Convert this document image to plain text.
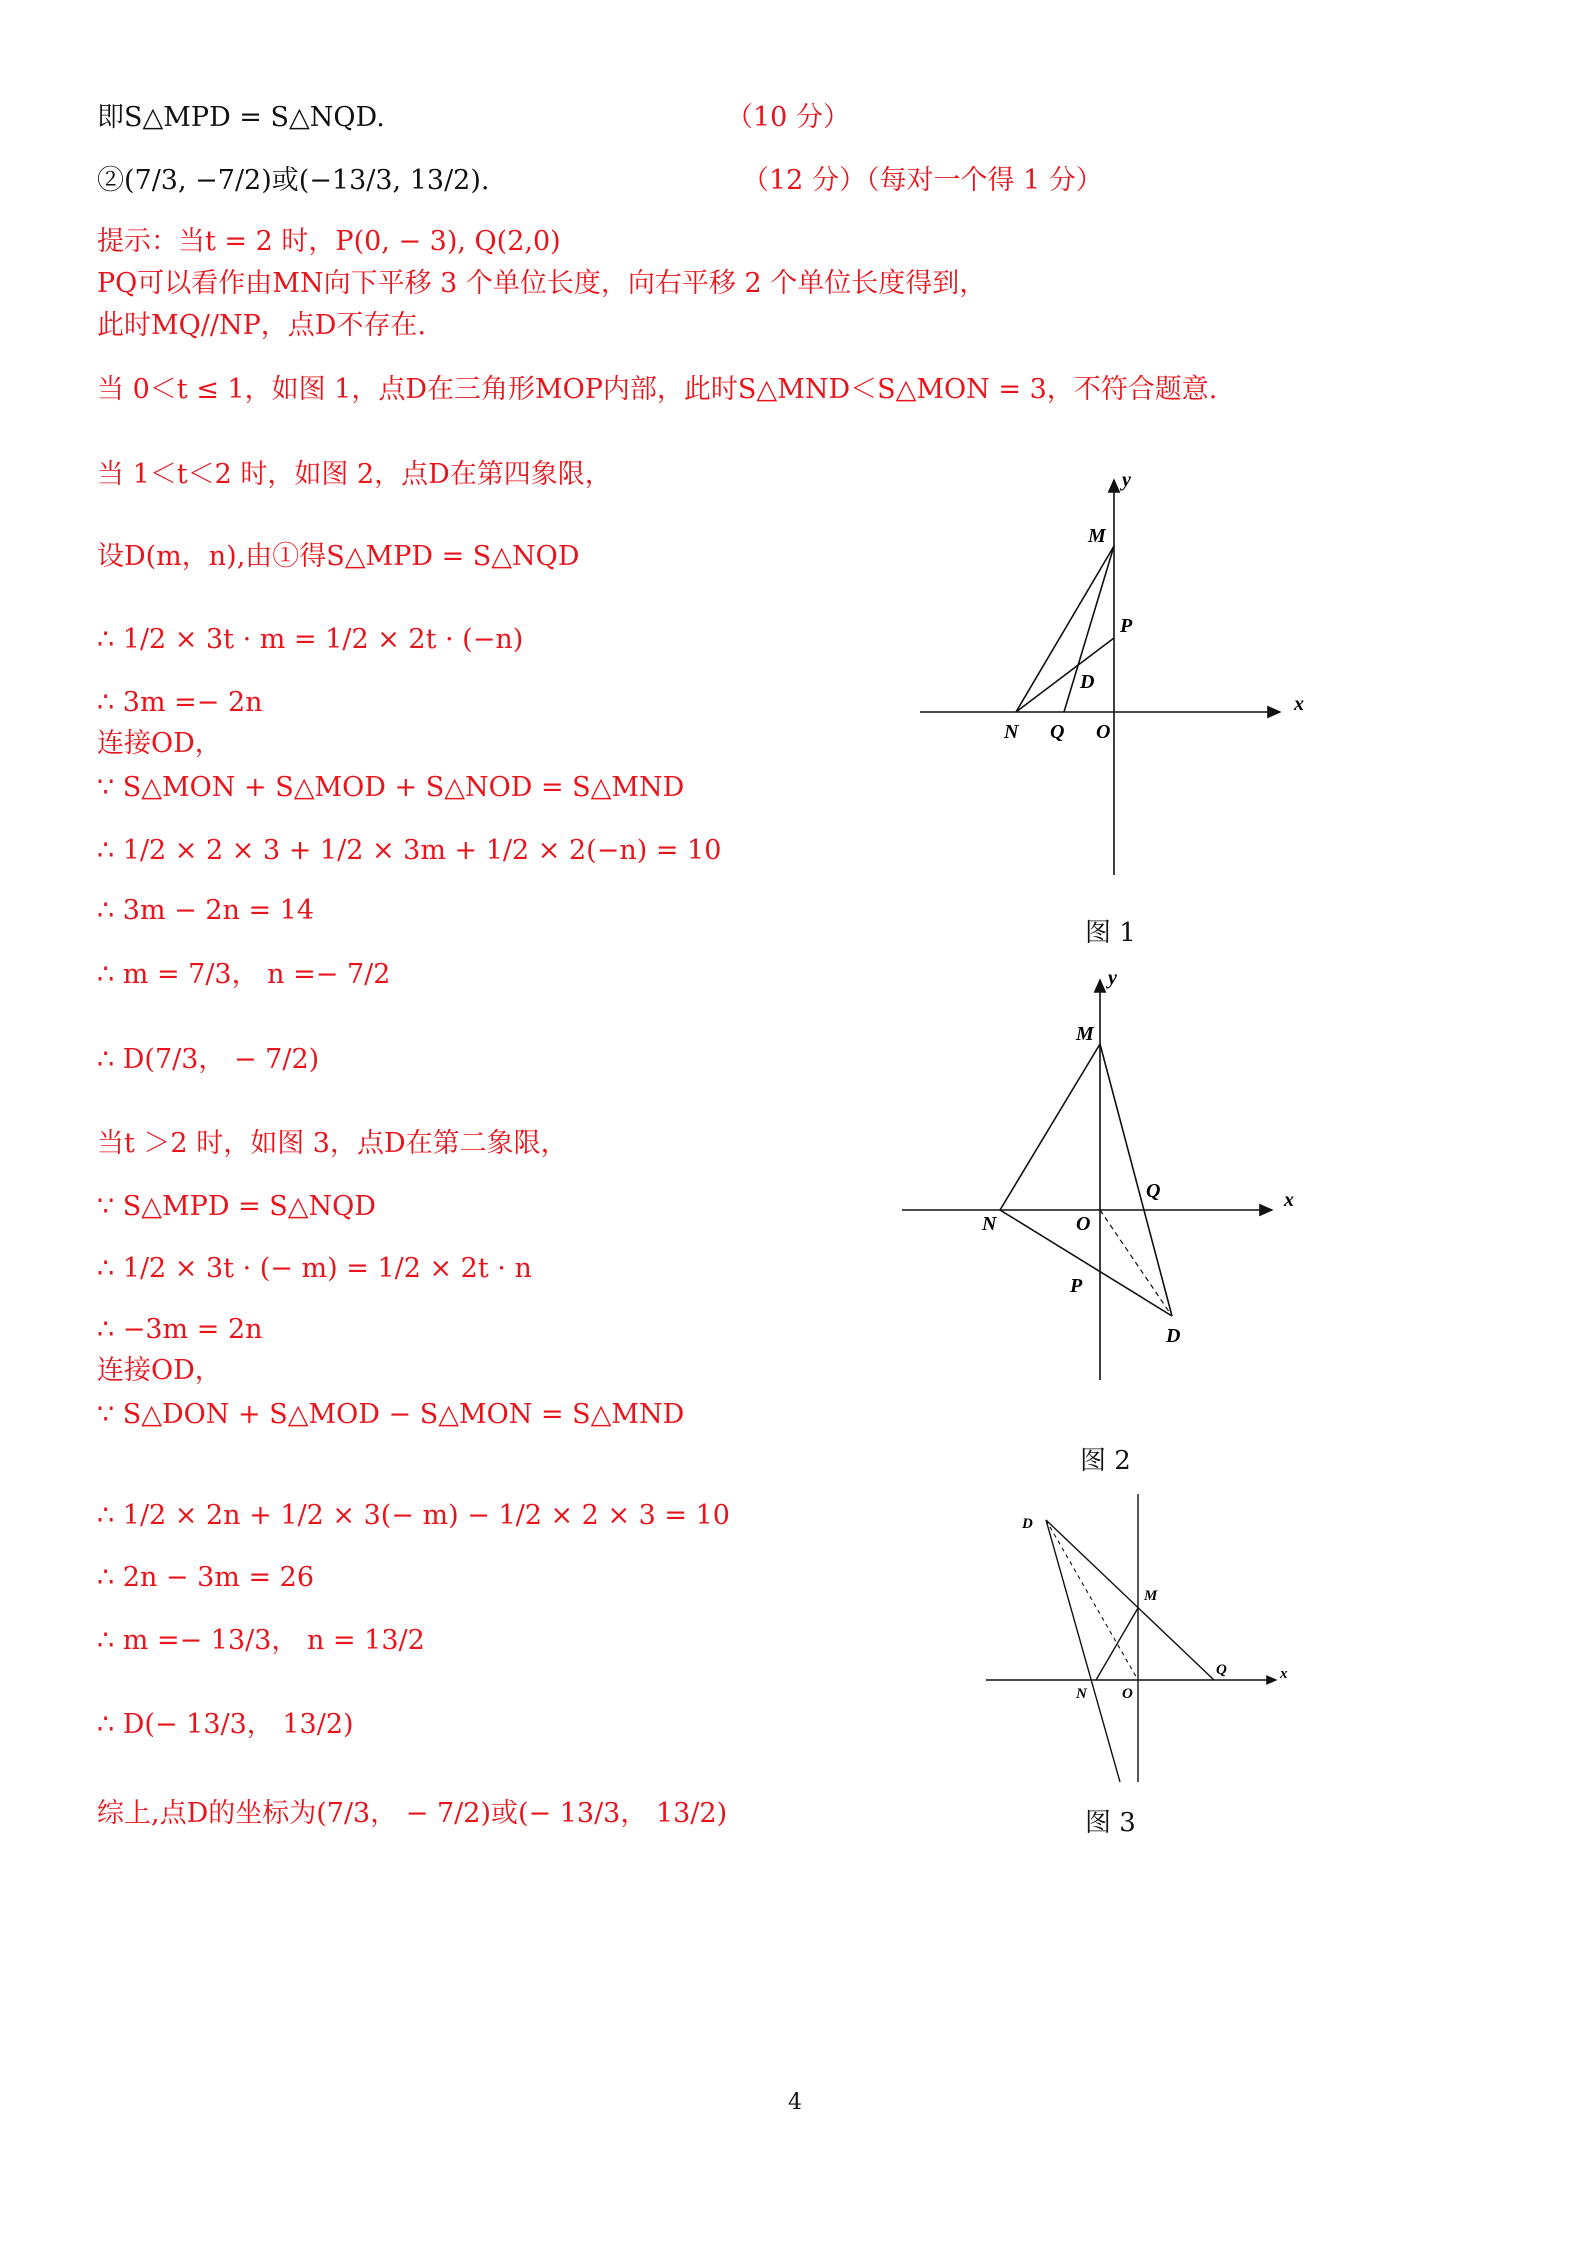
即S△MPD = S△NQD.	（10 分）
②(7/3, −7/2)或(−13/3, 13/2).	（12 分）（每对一个得 1 分）
提示：当t = 2 时，P(0, − 3), Q(2,0)
PQ可以看作由MN向下平移 3 个单位长度，向右平移 2 个单位长度得到，
此时MQ//NP，点D不存在.
当 0＜t ≤ 1，如图 1，点D在三角形MOP内部，此时S△MND＜S△MON = 3，不符合题意.
当 1＜t＜2 时，如图 2，点D在第四象限，
设D(m，n),由①得S△MPD = S△NQD
∴ 1/2 × 3t · m = 1/2 × 2t · (−n)
∴ 3m =− 2n
连接OD，
∵ S△MON + S△MOD + S△NOD = S△MND
∴ 1/2 × 2 × 3 + 1/2 × 3m + 1/2 × 2(−n) = 10
∴ 3m − 2n = 14
∴ m = 7/3， n =− 7/2
∴ D(7/3， − 7/2)
当t ＞2 时，如图 3，点D在第二象限，
∵ S△MPD = S△NQD
∴ 1/2 × 3t · (− m) = 1/2 × 2t · n
∴ −3m = 2n
连接OD，
∵ S△DON + S△MOD − S△MON = S△MND
∴ 1/2 × 2n + 1/2 × 3(− m) − 1/2 × 2 × 3 = 10
∴ 2n − 3m = 26
∴ m =− 13/3， n = 13/2
∴ D(− 13/3， 13/2)
综上,点D的坐标为(7/3， − 7/2)或(− 13/3， 13/2)
y
x
M
P
D
N Q O
图 1
y
x
M
Q
N	O
P
D
图 2
D
M
Q	x
N O
图 3
4
